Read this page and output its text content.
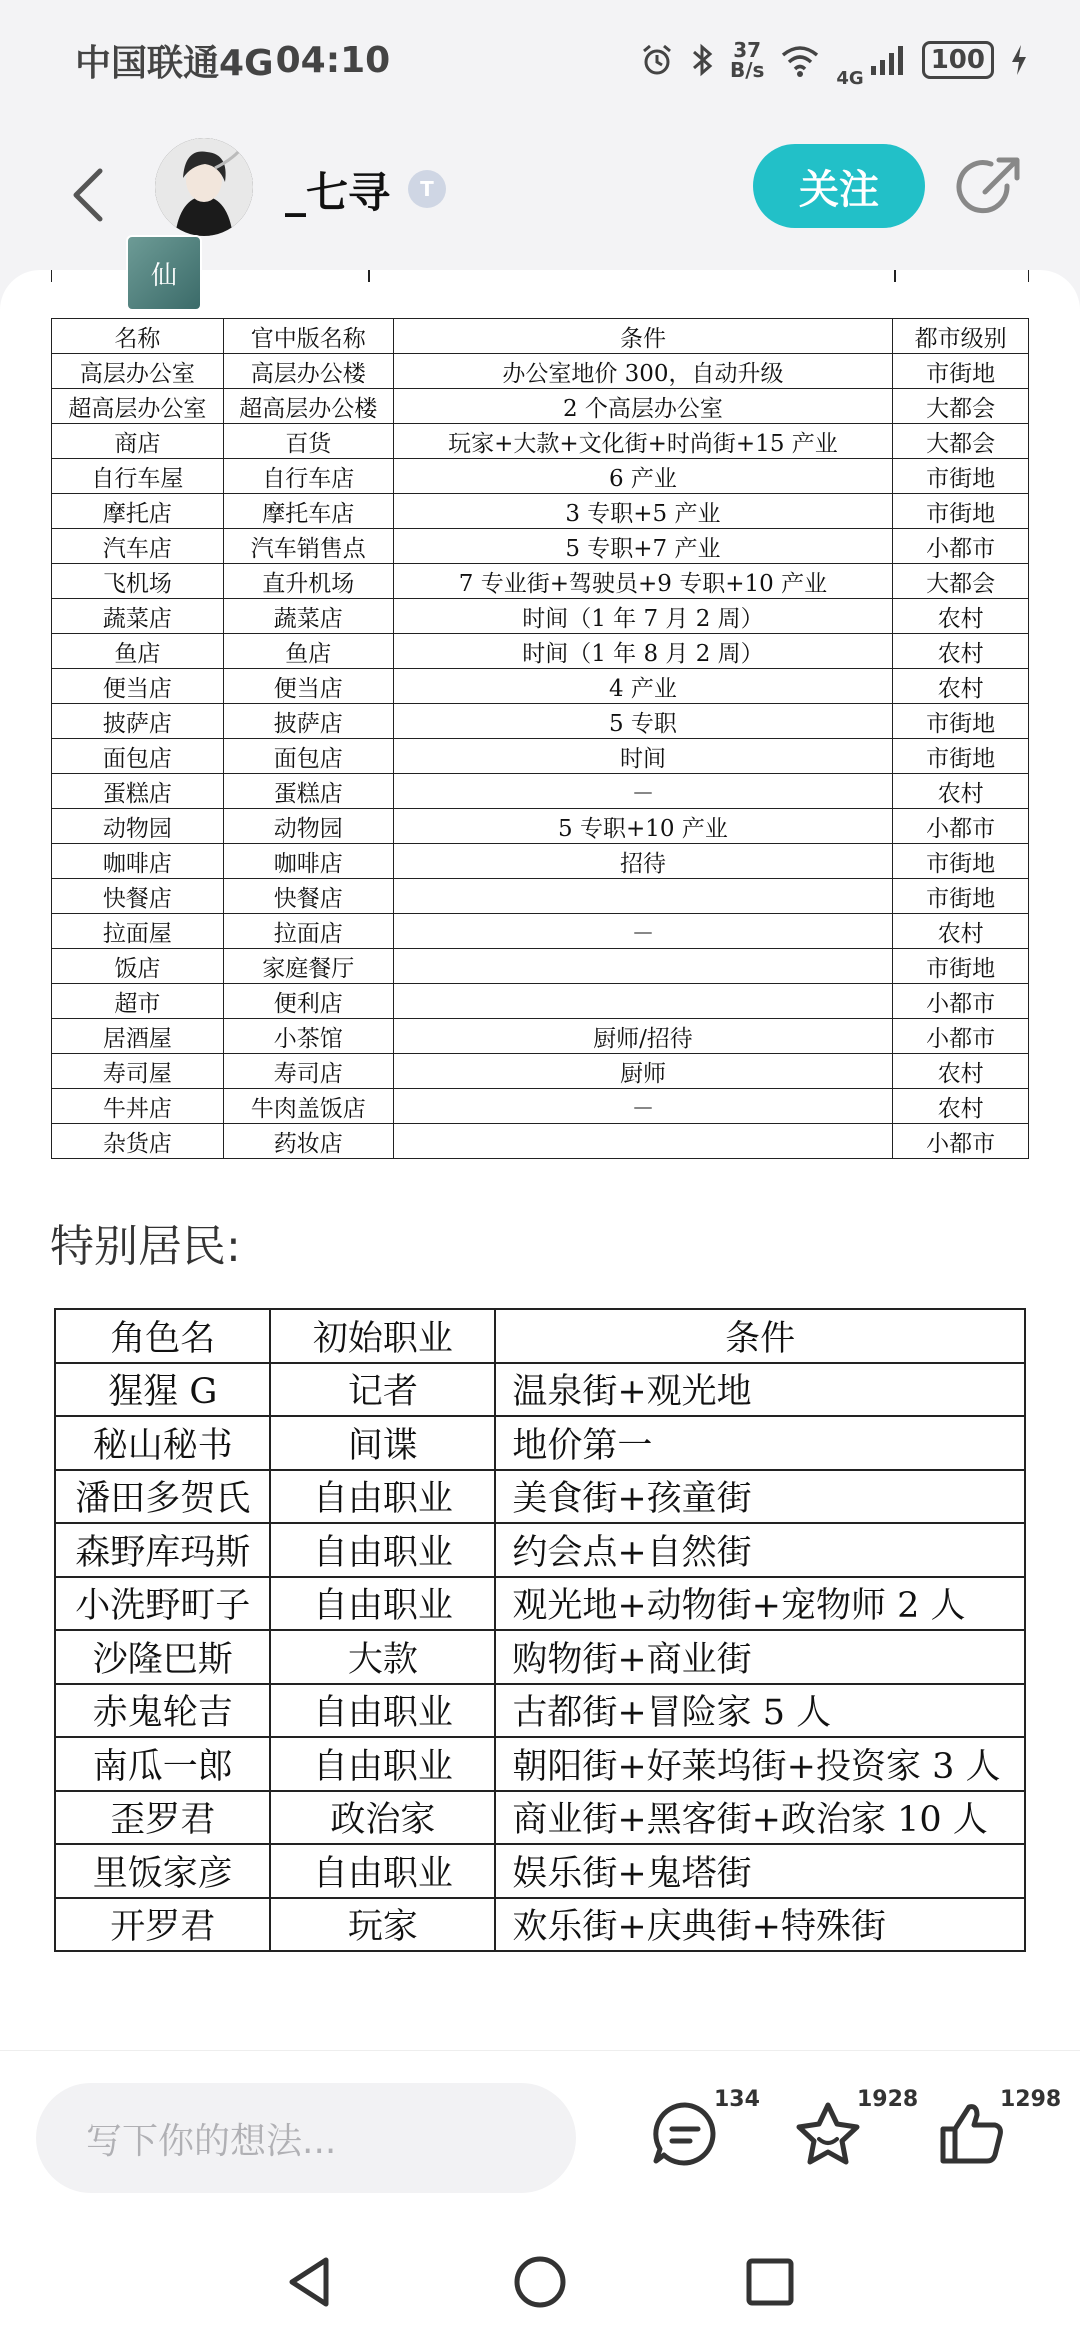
中国联通4G 04:10	37
B/s	4G
100
仙
_七寻	T	关注
名称	官中版名称	条件	都市级别
高层办公室	高层办公楼	办公室地价 300，自动升级	市街地
超高层办公室	超高层办公楼	2 个高层办公室	大都会
商店	百货	玩家+大款+文化街+时尚街+15 产业	大都会
自行车屋	自行车店	6 产业	市街地
摩托店	摩托车店	3 专职+5 产业	市街地
汽车店	汽车销售点	5 专职+7 产业	小都市
飞机场	直升机场	7 专业街+驾驶员+9 专职+10 产业	大都会
蔬菜店	蔬菜店	时间（1 年 7 月 2 周）	农村
鱼店	鱼店	时间（1 年 8 月 2 周）	农村
便当店	便当店	4 产业	农村
披萨店	披萨店	5 专职	市街地
面包店	面包店	时间	市街地
蛋糕店	蛋糕店	－	农村
动物园	动物园	5 专职+10 产业	小都市
咖啡店	咖啡店	招待	市街地
快餐店	快餐店		市街地
拉面屋	拉面店	－	农村
饭店	家庭餐厅		市街地
超市	便利店		小都市
居酒屋	小茶馆	厨师/招待	小都市
寿司屋	寿司店	厨师	农村
牛丼店	牛肉盖饭店	－	农村
杂货店	药妆店		小都市
特别居民:
角色名	初始职业	条件
猩猩 G	记者	温泉街+观光地
秘山秘书	间谍	地价第一
潘田多贺氏	自由职业	美食街+孩童街
森野库玛斯	自由职业	约会点+自然街
小洗野町子	自由职业	观光地+动物街+宠物师 2 人
沙隆巴斯	大款	购物街+商业街
赤鬼轮吉	自由职业	古都街+冒险家 5 人
南瓜一郎	自由职业	朝阳街+好莱坞街+投资家 3 人
歪罗君	政治家	商业街+黑客街+政治家 10 人
里饭家彦	自由职业	娱乐街+鬼塔街
开罗君	玩家	欢乐街+庆典街+特殊街
写下你的想法...
134	1928	1298
